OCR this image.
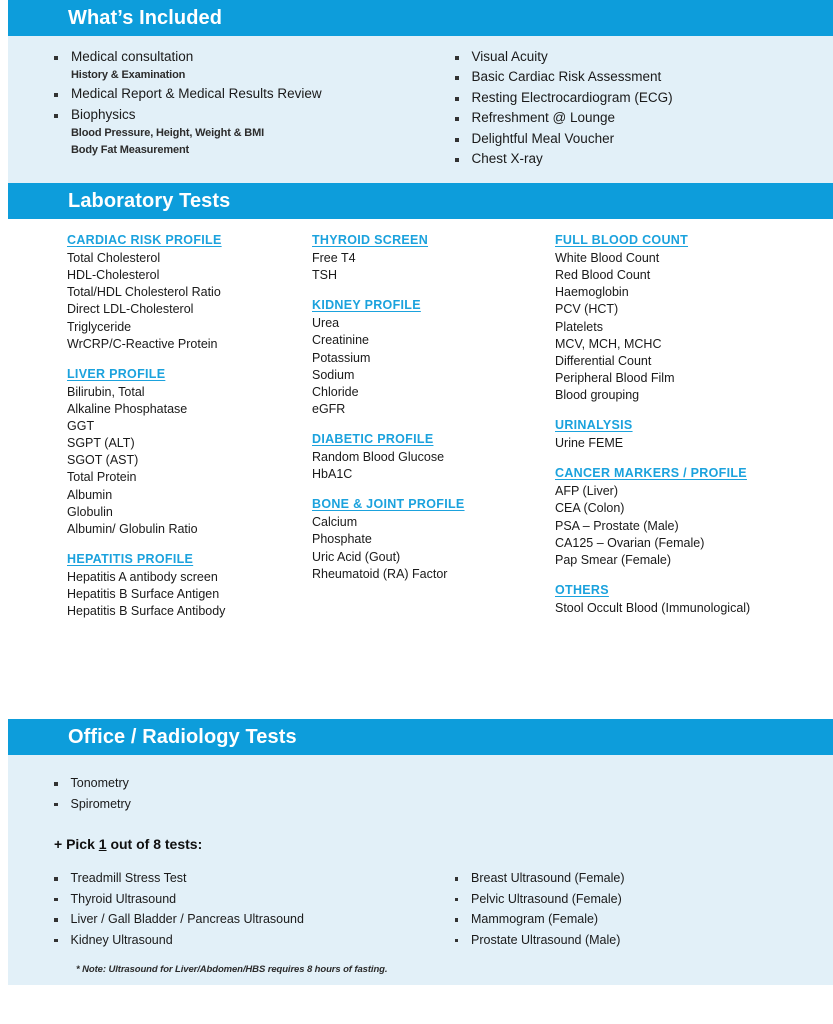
What’s Included
Medical consultation
History & Examination
Medical Report & Medical Results Review
Biophysics
Blood Pressure, Height, Weight & BMI
Body Fat Measurement
Visual Acuity
Basic Cardiac Risk Assessment
Resting Electrocardiogram (ECG)
Refreshment @ Lounge
Delightful Meal Voucher
Chest X-ray
Laboratory Tests
CARDIAC RISK PROFILE
Total Cholesterol
HDL-Cholesterol
Total/HDL Cholesterol Ratio
Direct LDL-Cholesterol
Triglyceride
WrCRP/C-Reactive Protein
LIVER PROFILE
Bilirubin, Total
Alkaline Phosphatase
GGT
SGPT (ALT)
SGOT (AST)
Total Protein
Albumin
Globulin
Albumin/ Globulin Ratio
HEPATITIS PROFILE
Hepatitis A antibody screen
Hepatitis B Surface Antigen
Hepatitis B Surface Antibody
THYROID SCREEN
Free T4
TSH
KIDNEY PROFILE
Urea
Creatinine
Potassium
Sodium
Chloride
eGFR
DIABETIC PROFILE
Random Blood Glucose
HbA1C
BONE & JOINT PROFILE
Calcium
Phosphate
Uric Acid (Gout)
Rheumatoid (RA) Factor
FULL BLOOD COUNT
White Blood Count
Red Blood Count
Haemoglobin
PCV (HCT)
Platelets
MCV, MCH, MCHC
Differential Count
Peripheral Blood Film
Blood grouping
URINALYSIS
Urine FEME
CANCER MARKERS / PROFILE
AFP (Liver)
CEA (Colon)
PSA – Prostate (Male)
CA125 – Ovarian (Female)
Pap Smear (Female)
OTHERS
Stool Occult Blood (Immunological)
Office / Radiology Tests
Tonometry
Spirometry
+ Pick 1 out of 8 tests:
Treadmill Stress Test
Thyroid Ultrasound
Liver / Gall Bladder / Pancreas Ultrasound
Kidney Ultrasound
Breast Ultrasound (Female)
Pelvic Ultrasound (Female)
Mammogram (Female)
Prostate Ultrasound (Male)
* Note: Ultrasound for Liver/Abdomen/HBS requires 8 hours of fasting.
